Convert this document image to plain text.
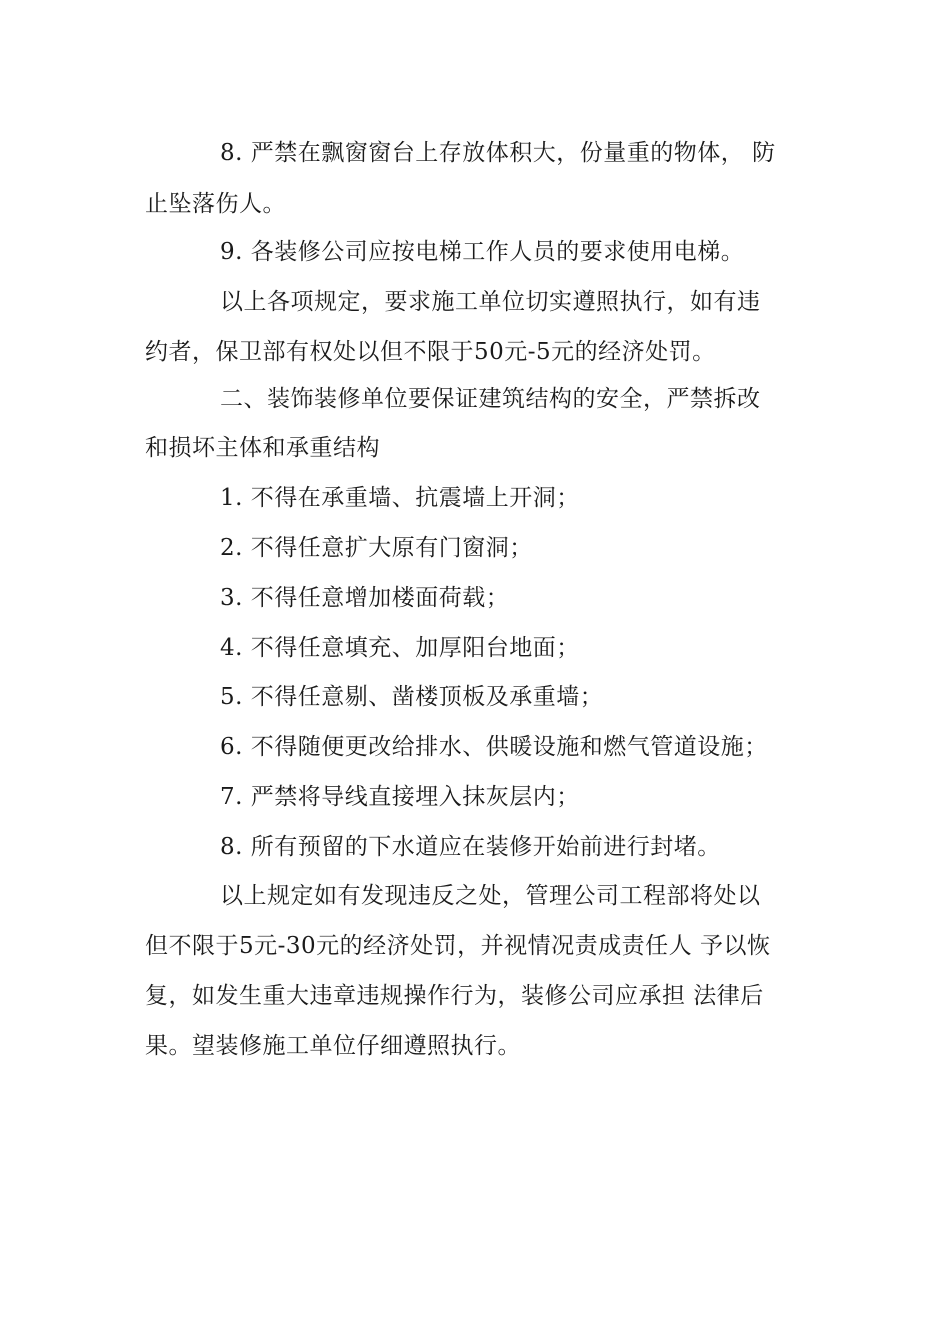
8. 严禁在飘窗窗台上存放体积大，份量重的物体， 防
止坠落伤人。
9. 各装修公司应按电梯工作人员的要求使用电梯。
以上各项规定，要求施工单位切实遵照执行，如有违
约者，保卫部有权处以但不限于50元-5元的经济处罚。
二、装饰装修单位要保证建筑结构的安全，严禁拆改
和损坏主体和承重结构
1. 不得在承重墙、抗震墙上开洞；
2. 不得任意扩大原有门窗洞；
3. 不得任意增加楼面荷载；
4. 不得任意填充、加厚阳台地面；
5. 不得任意剔、凿楼顶板及承重墙；
6. 不得随便更改给排水、供暖设施和燃气管道设施；
7. 严禁将导线直接埋入抹灰层内；
8. 所有预留的下水道应在装修开始前进行封堵。
以上规定如有发现违反之处，管理公司工程部将处以
但不限于5元-30元的经济处罚，并视情况责成责任人 予以恢
复，如发生重大违章违规操作行为，装修公司应承担 法律后
果。望装修施工单位仔细遵照执行。
